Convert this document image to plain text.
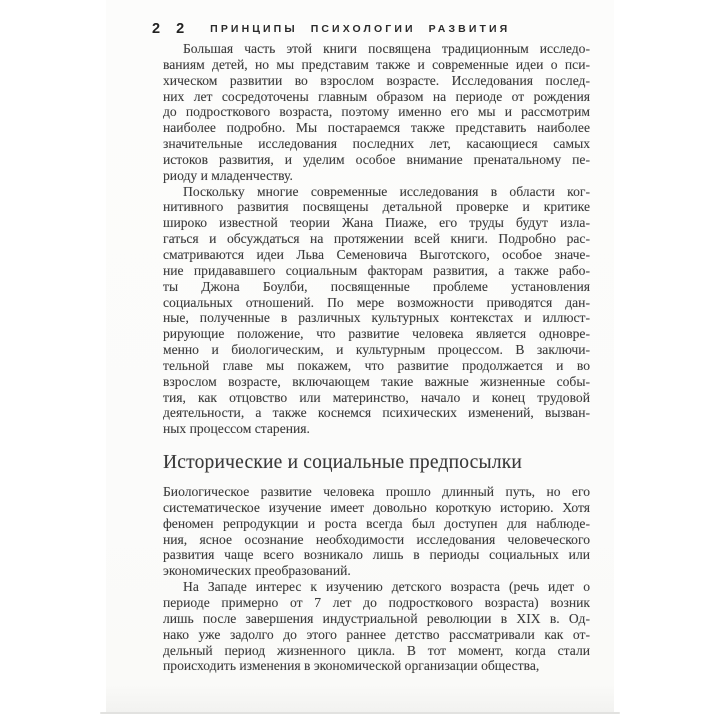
2 2 ПРИНЦИПЫ ПСИХОЛОГИИ РАЗВИТИЯ
Большая часть этой книги посвящена традиционным исследо-
ваниям детей, но мы представим также и современные идеи о пси-
хическом развитии во взрослом возрасте. Исследования послед-
них лет сосредоточены главным образом на периоде от рождения
до подросткового возраста, поэтому именно его мы и рассмотрим
наиболее подробно. Мы постараемся также представить наиболее
значительные исследования последних лет, касающиеся самых
истоков развития, и уделим особое внимание пренатальному пе-
риоду и младенчеству.
Поскольку многие современные исследования в области ког-
нитивного развития посвящены детальной проверке и критике
широко известной теории Жана Пиаже, его труды будут изла-
гаться и обсуждаться на протяжении всей книги. Подробно рас-
сматриваются идеи Льва Семеновича Выготского, особое значе-
ние придававшего социальным факторам развития, а также рабо-
ты Джона Боулби, посвященные проблеме установления
социальных отношений. По мере возможности приводятся дан-
ные, полученные в различных культурных контекстах и иллюст-
рирующие положение, что развитие человека является одновре-
менно и биологическим, и культурным процессом. В заключи-
тельной главе мы покажем, что развитие продолжается и во
взрослом возрасте, включающем такие важные жизненные собы-
тия, как отцовство или материнство, начало и конец трудовой
деятельности, а также коснемся психических изменений, вызван-
ных процессом старения.
Исторические и социальные предпосылки
Биологическое развитие человека прошло длинный путь, но его
систематическое изучение имеет довольно короткую историю. Хотя
феномен репродукции и роста всегда был доступен для наблюде-
ния, ясное осознание необходимости исследования человеческого
развития чаще всего возникало лишь в периоды социальных или
экономических преобразований.
На Западе интерес к изучению детского возраста (речь идет о
периоде примерно от 7 лет до подросткового возраста) возник
лишь после завершения индустриальной революции в XIX в. Од-
нако уже задолго до этого раннее детство рассматривали как от-
дельный период жизненного цикла. В тот момент, когда стали
происходить изменения в экономической организации общества,
